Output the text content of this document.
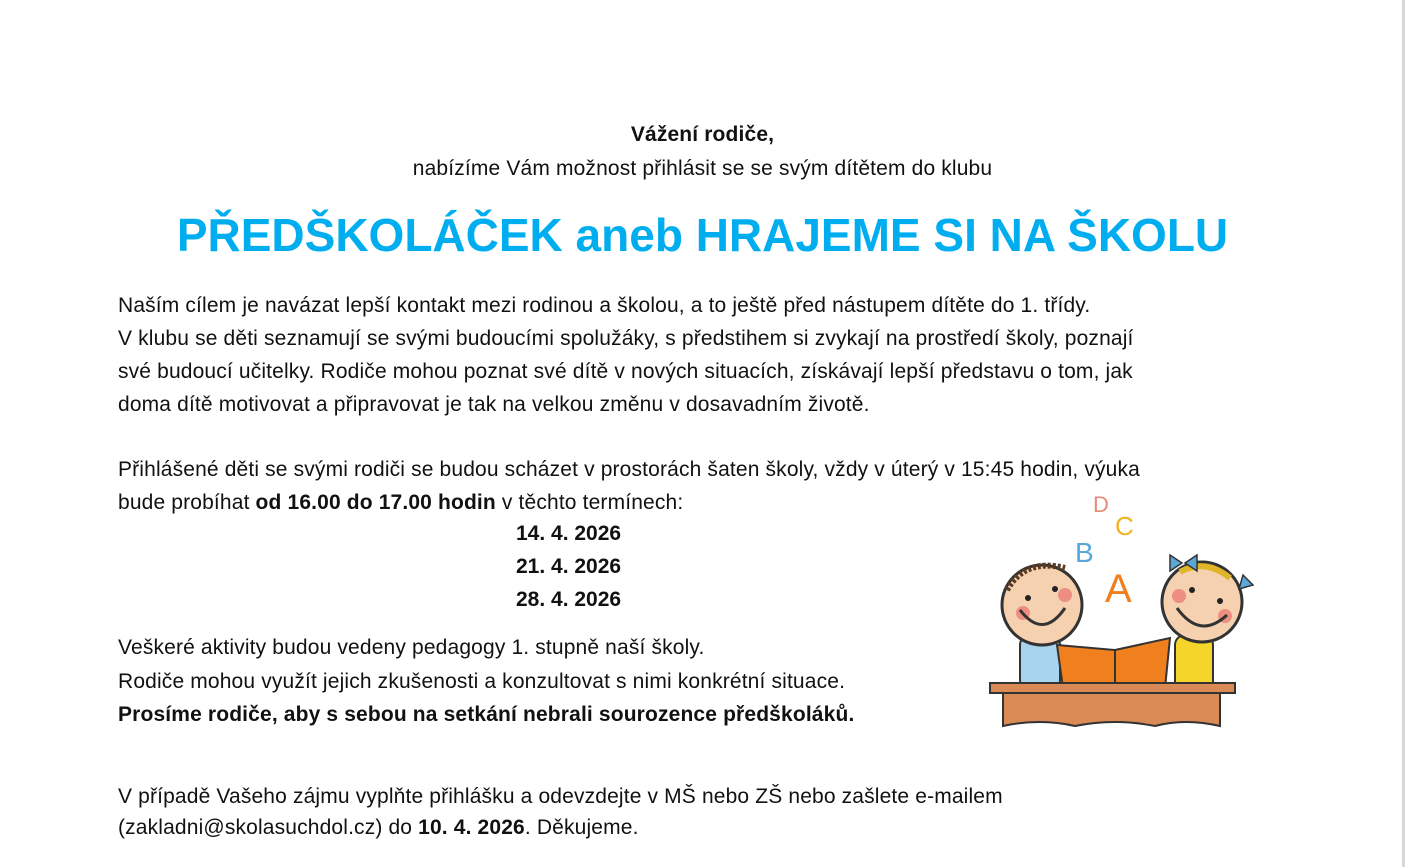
Vážení rodiče,
nabízíme Vám možnost přihlásit se se svým dítětem do klubu
PŘEDŠKOLÁČEK aneb HRAJEME SI NA ŠKOLU
Naším cílem je navázat lepší kontakt mezi rodinou a školou, a to ještě před nástupem dítěte do 1. třídy.
V klubu se děti seznamují se svými budoucími spolužáky, s předstihem si zvykají na prostředí školy, poznají
své budoucí učitelky. Rodiče mohou poznat své dítě v nových situacích, získávají lepší představu o tom, jak
doma dítě motivovat a připravovat je tak na velkou změnu v dosavadním životě.
Přihlášené děti se svými rodiči se budou scházet v prostorách šaten školy, vždy v úterý v 15:45 hodin, výuka
bude probíhat od 16.00 do 17.00 hodin v těchto termínech:
14. 4. 2026
21. 4. 2026
28. 4. 2026
Veškeré aktivity budou vedeny pedagogy 1. stupně naší školy.
Rodiče mohou využít jejich zkušenosti a konzultovat s nimi konkrétní situace.
Prosíme rodiče, aby s sebou na setkání nebrali sourozence předškoláků.
V případě Vašeho zájmu vyplňte přihlášku a odevzdejte v MŠ nebo ZŠ nebo zašlete e-mailem
(zakladni@skolasuchdol.cz) do 10. 4. 2026. Děkujeme.
D
C
B
A
